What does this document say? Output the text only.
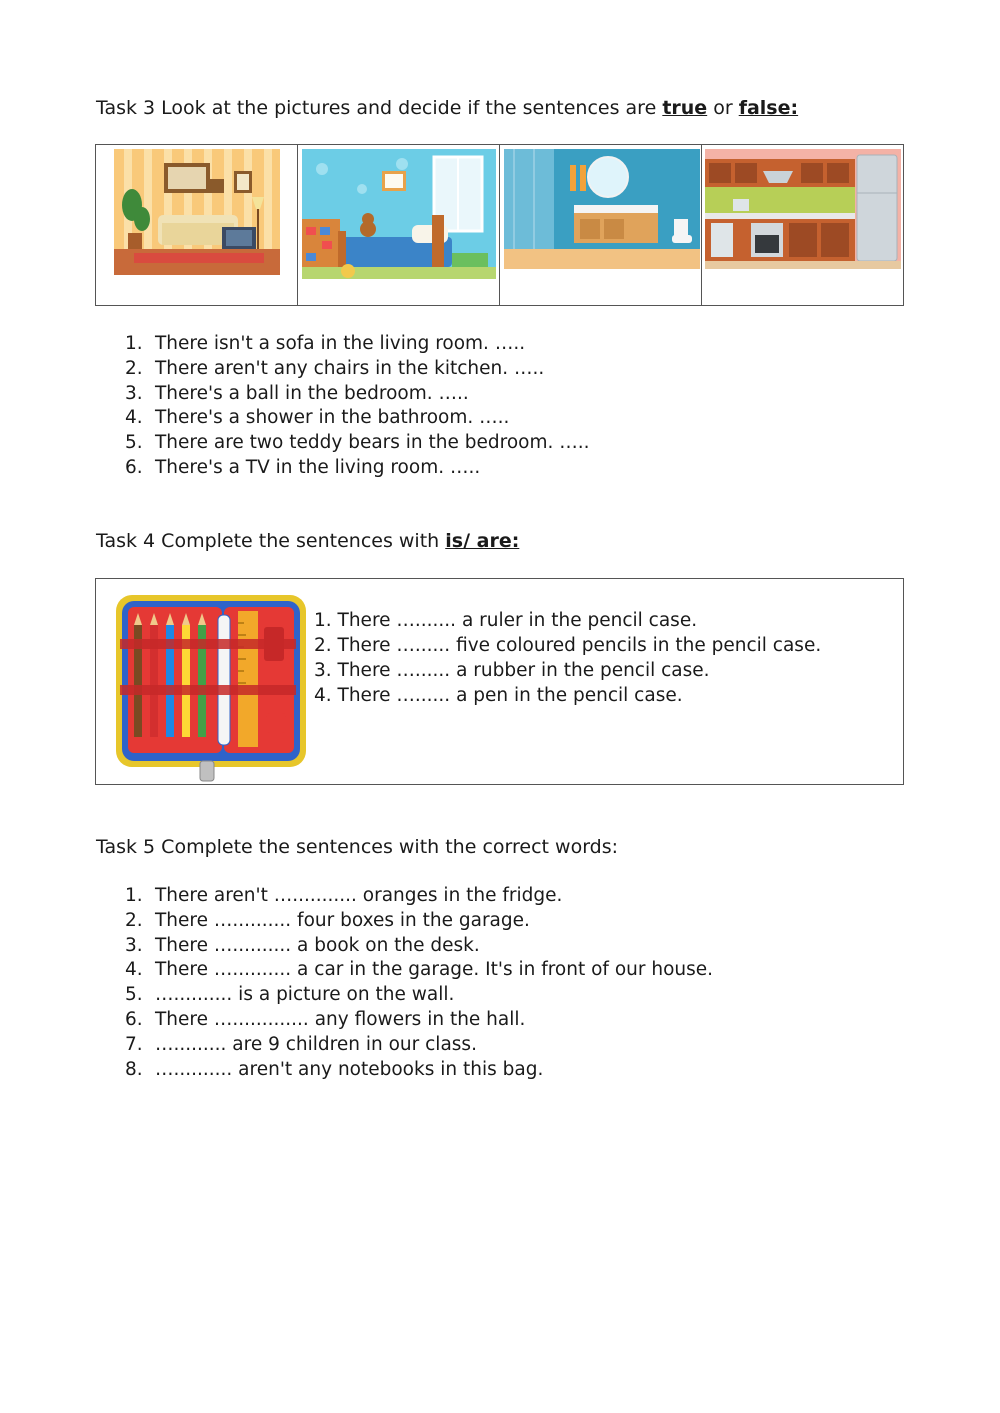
Task 3 Look at the pictures and decide if the sentences are true or false:
1. There isn't a sofa in the living room. …..
2. There aren't any chairs in the kitchen. …..
3. There's a ball in the bedroom. …..
4. There's a shower in the bathroom. …..
5. There are two teddy bears in the bedroom. …..
6. There's a TV in the living room. …..
Task 4 Complete the sentences with is/ are:
1. There …....... a ruler in the pencil case.
2. There …...... five coloured pencils in the pencil case.
3. There …...... a rubber in the pencil case.
4. There …...... a pen in the pencil case.
Task 5 Complete the sentences with the correct words:
1. There aren't …........... oranges in the fridge.
2. There ….......... four boxes in the garage.
3. There ….......... a book on the desk.
4. There ….......... a car in the garage. It's in front of our house.
5. ….......... is a picture on the wall.
6. There …............. any flowers in the hall.
7. …......... are 9 children in our class.
8. ….......... aren't any notebooks in this bag.
